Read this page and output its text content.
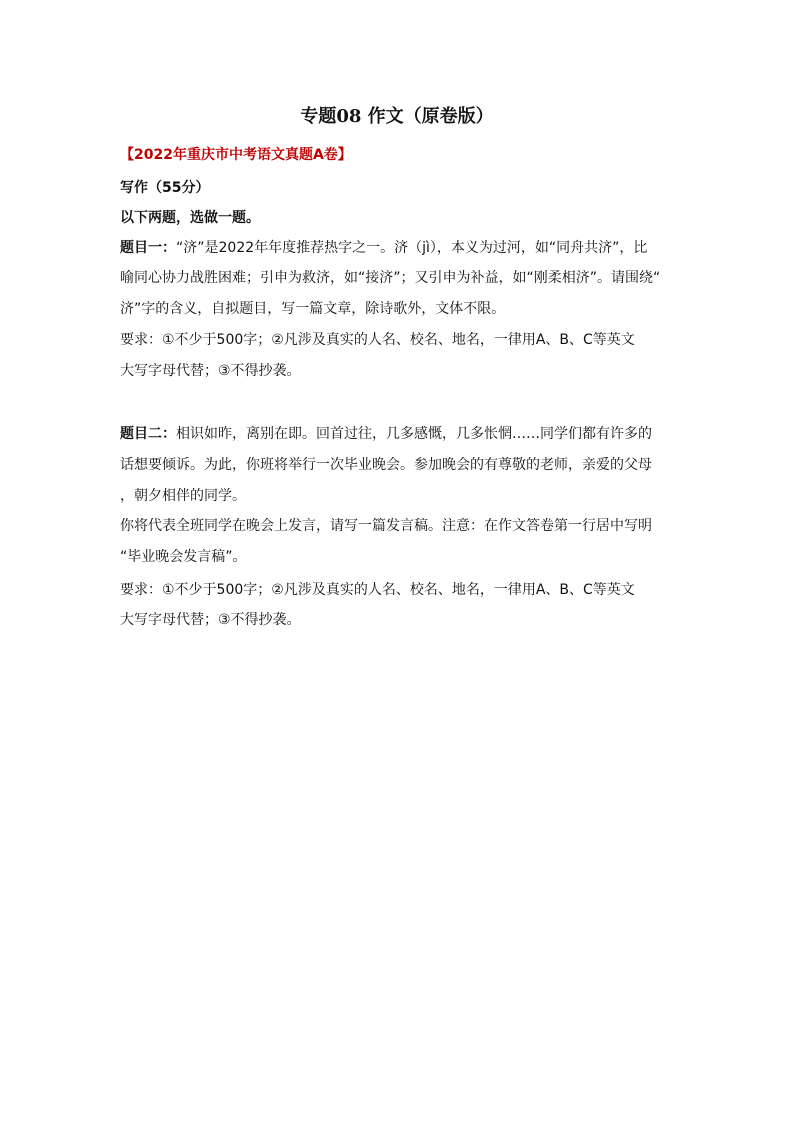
专题08 作文（原卷版）
【2022年重庆市中考语文真题A卷】
写作（55分）
以下两题，选做一题。
题目一：“济”是2022年年度推荐热字之一。济（jì），本义为过河，如“同舟共济”，比
喻同心协力战胜困难；引申为救济，如“接济”；又引申为补益，如“刚柔相济”。请围绕“
济”字的含义，自拟题目，写一篇文章，除诗歌外，文体不限。
要求：①不少于500字；②凡涉及真实的人名、校名、地名，一律用A、B、C等英文
大写字母代替；③不得抄袭。
题目二：相识如昨，离别在即。回首过往，几多感慨，几多怅惘……同学们都有许多的
话想要倾诉。为此，你班将举行一次毕业晚会。参加晚会的有尊敬的老师，亲爱的父母
，朝夕相伴的同学。
你将代表全班同学在晚会上发言，请写一篇发言稿。注意：在作文答卷第一行居中写明
“毕业晚会发言稿”。
要求：①不少于500字；②凡涉及真实的人名、校名、地名，一律用A、B、C等英文
大写字母代替；③不得抄袭。
